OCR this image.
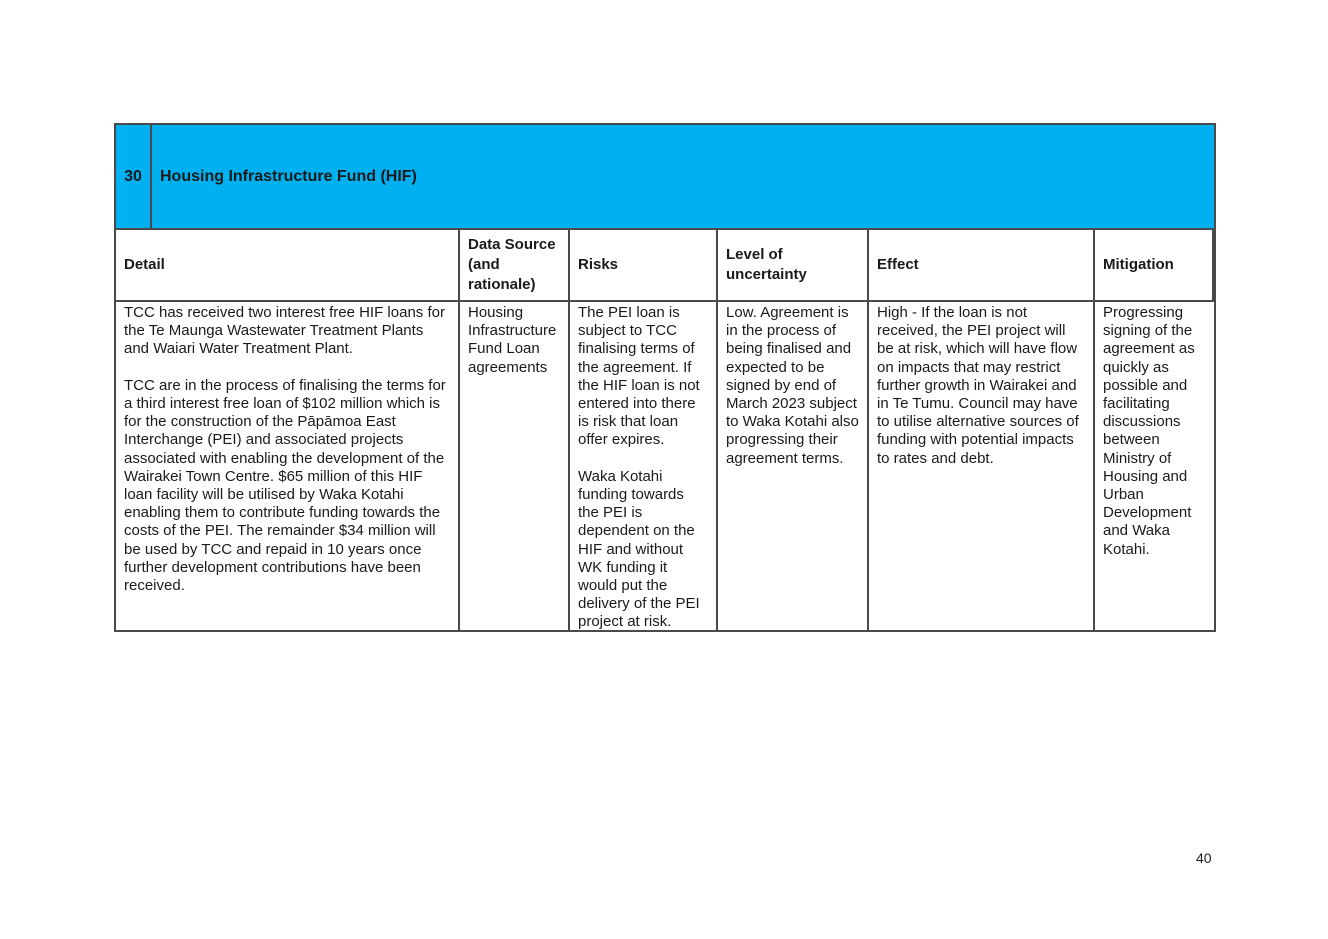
30	Housing Infrastructure Fund (HIF)
Detail
Data Source (and rationale)
Risks
Level of uncertainty
Effect	Mitigation

TCC has received two interest free HIF loans for the Te Maunga Wastewater Treatment Plants and Waiari Water Treatment Plant.

TCC are in the process of finalising the terms for a third interest free loan of $102 million which is for the construction of the Pāpāmoa East Interchange (PEI) and associated projects associated with enabling the development of the Wairakei Town Centre. $65 million of this HIF loan facility will be utilised by Waka Kotahi enabling them to contribute funding towards the costs of the PEI. The remainder $34 million will be used by TCC and repaid in 10 years once further development contributions have been received.

Housing Infrastructure Fund Loan agreements

The PEI loan is subject to TCC finalising terms of the agreement. If the HIF loan is not entered into there is risk that loan offer expires.

Waka Kotahi funding towards the PEI is dependent on the HIF and without WK funding it would put the delivery of the PEI project at risk.

Low. Agreement is in the process of being finalised and expected to be signed by end of March 2023 subject to Waka Kotahi also progressing their agreement terms.

High - If the loan is not received, the PEI project will be at risk, which will have flow on impacts that may restrict further growth in Wairakei and in Te Tumu. Council may have to utilise alternative sources of funding with potential impacts to rates and debt.

Progressing signing of the agreement as quickly as possible and facilitating discussions between Ministry of Housing and Urban Development and Waka Kotahi.

40
